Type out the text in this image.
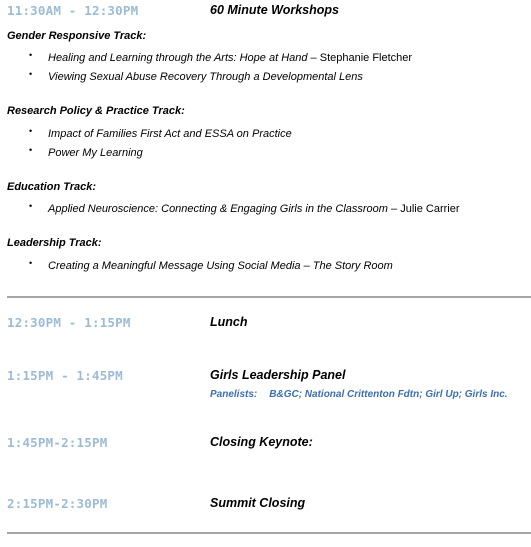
11:30AM - 12:30PM	60 Minute Workshops
Gender Responsive Track:
• Healing and Learning through the Arts: Hope at Hand – Stephanie Fletcher
• Viewing Sexual Abuse Recovery Through a Developmental Lens
Research Policy & Practice Track:
• Impact of Families First Act and ESSA on Practice
• Power My Learning
Education Track:
• Applied Neuroscience: Connecting & Engaging Girls in the Classroom – Julie Carrier
Leadership Track:
• Creating a Meaningful Message Using Social Media – The Story Room
12:30PM - 1:15PM	Lunch
1:15PM - 1:45PM	Girls Leadership Panel
Panelists: B&GC; National Crittenton Fdtn; Girl Up; Girls Inc.
1:45PM-2:15PM	Closing Keynote:
2:15PM-2:30PM	Summit Closing
